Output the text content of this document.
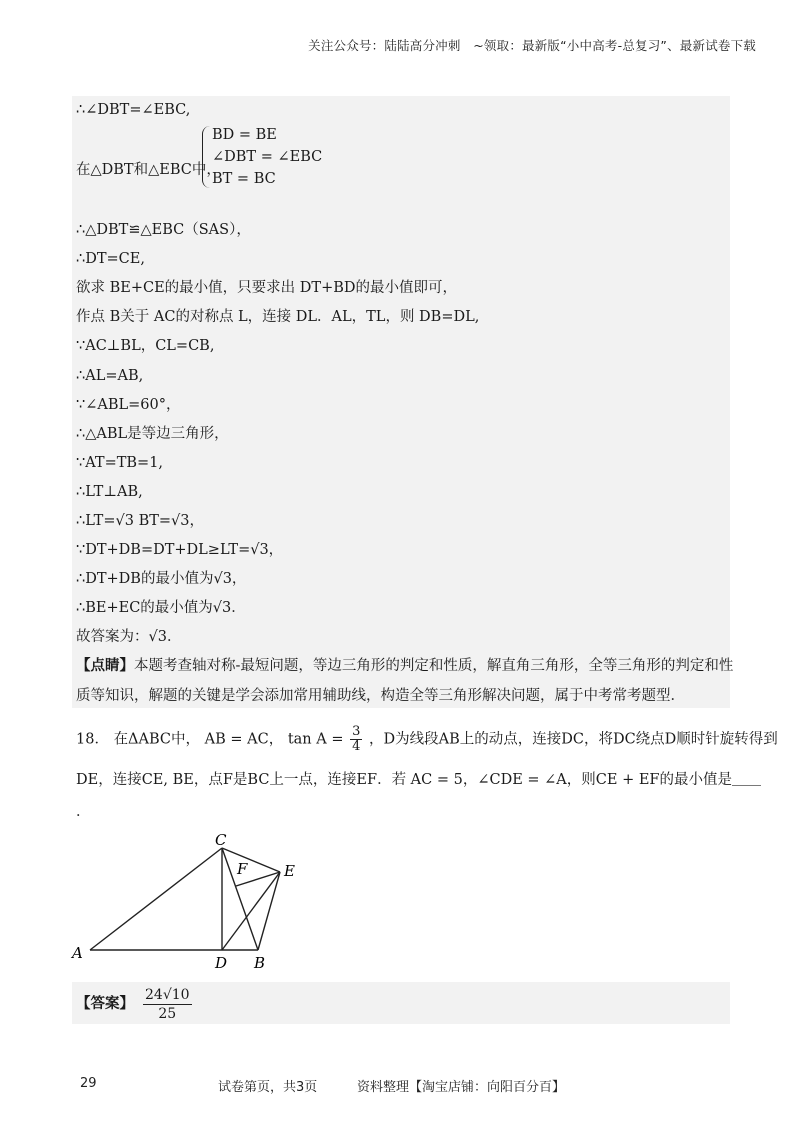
关注公众号：陆陆高分冲刺　~领取：最新版“小中高考-总复习”、最新试卷下载
∴∠DBT=∠EBC,
在△DBT和△EBC中，
BD = BE
∠DBT = ∠EBC
BT = BC
∴△DBT≌△EBC（SAS），
∴DT=CE,
欲求 BE+CE的最小值，只要求出 DT+BD的最小值即可，
作点 B关于 AC的对称点 L，连接 DL．AL，TL，则 DB=DL,
∵AC⊥BL，CL=CB,
∴AL=AB,
∵∠ABL=60°，
∴△ABL是等边三角形，
∵AT=TB=1,
∴LT⊥AB,
∴LT=√3 BT=√3，
∵DT+DB=DT+DL≥LT=√3，
∴DT+DB的最小值为√3，
∴BE+EC的最小值为√3．
故答案为：√3．
【点睛】本题考查轴对称-最短问题，等边三角形的判定和性质，解直角三角形，全等三角形的判定和性
质等知识，解题的关键是学会添加常用辅助线，构造全等三角形解决问题，属于中考常考题型．
18． 在ΔABC中， AB = AC， $\tan A = \frac{3}{4}$ ，D为线段AB上的动点，连接DC，将DC绕点D顺时针旋转得到
DE，连接CE, BE，点F是BC上一点，连接EF．若 AC = 5，∠CDE = ∠A，则CE + EF的最小值是＿＿
．
C
F E
A
D B
【答案】 $\frac{24√10}{25}$
29	试卷第页，共3页	资料整理【淘宝店铺：向阳百分百】
